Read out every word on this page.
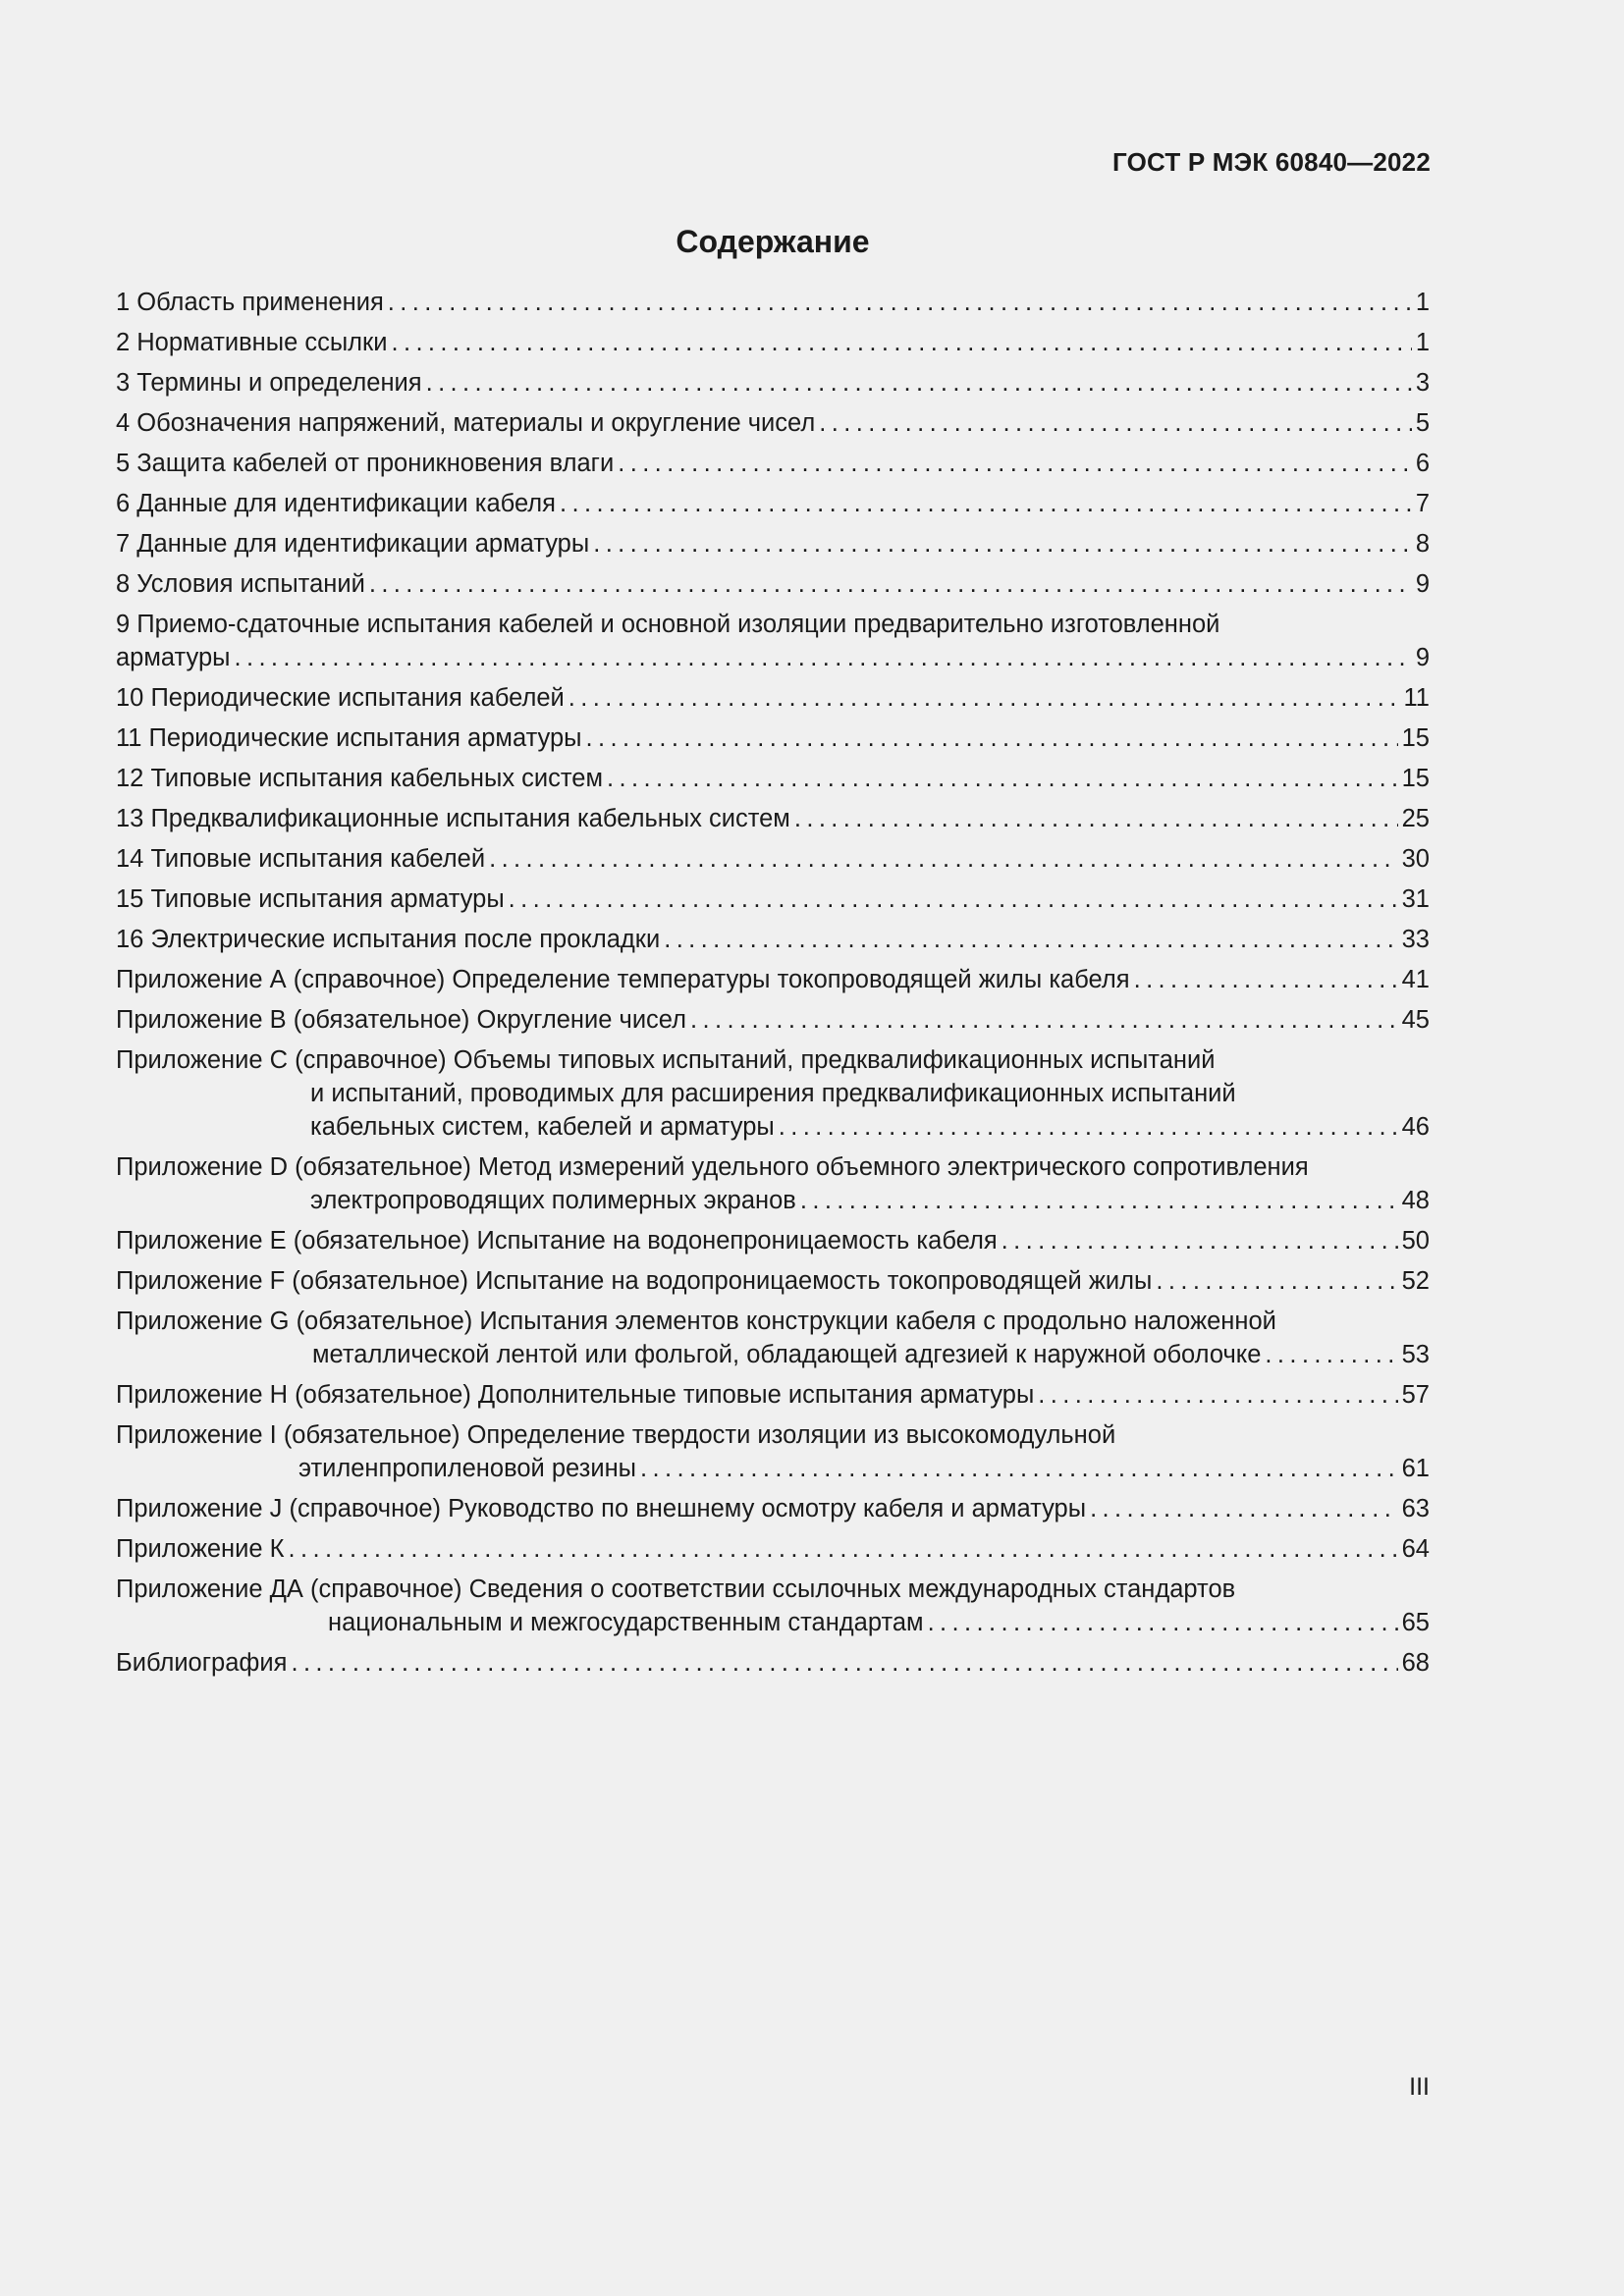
ГОСТ Р МЭК 60840—2022
Содержание
1 Область применения .....	1
2 Нормативные ссылки .....	1
3 Термины и определения .....	3
4 Обозначения напряжений, материалы и округление чисел .....	5
5 Защита кабелей от проникновения влаги .....	6
6 Данные для идентификации кабеля .....	7
7 Данные для идентификации арматуры .....	8
8 Условия испытаний .....	9
9 Приемо-сдаточные испытания кабелей и основной изоляции предварительно изготовленной
арматуры .....	9
10 Периодические испытания кабелей .....	11
11 Периодические испытания арматуры .....	15
12 Типовые испытания кабельных систем .....	15
13 Предквалификационные испытания кабельных систем .....	25
14 Типовые испытания кабелей .....	30
15 Типовые испытания арматуры .....	31
16 Электрические испытания после прокладки .....	33
Приложение А (справочное) Определение температуры токопроводящей жилы кабеля .....	41
Приложение В (обязательное) Округление чисел .....	45
Приложение С (справочное) Объемы типовых испытаний, предквалификационных испытаний
и испытаний, проводимых для расширения предквалификационных испытаний
кабельных систем, кабелей и арматуры .....	46
Приложение D (обязательное) Метод измерений удельного объемного электрического сопротивления
электропроводящих полимерных экранов .....	48
Приложение Е (обязательное) Испытание на водонепроницаемость кабеля .....	50
Приложение F (обязательное) Испытание на водопроницаемость токопроводящей жилы .....	52
Приложение G (обязательное) Испытания элементов конструкции кабеля с продольно наложенной
металлической лентой или фольгой, обладающей адгезией к наружной оболочке .....	53
Приложение Н (обязательное) Дополнительные типовые испытания арматуры .....	57
Приложение I (обязательное) Определение твердости изоляции из высокомодульной
этиленпропиленовой резины .....	61
Приложение J (справочное) Руководство по внешнему осмотру кабеля и арматуры .....	63
Приложение К .....	64
Приложение ДА (справочное) Сведения о соответствии ссылочных международных стандартов
национальным и межгосударственным стандартам .....	65
Библиография .....	68
III
